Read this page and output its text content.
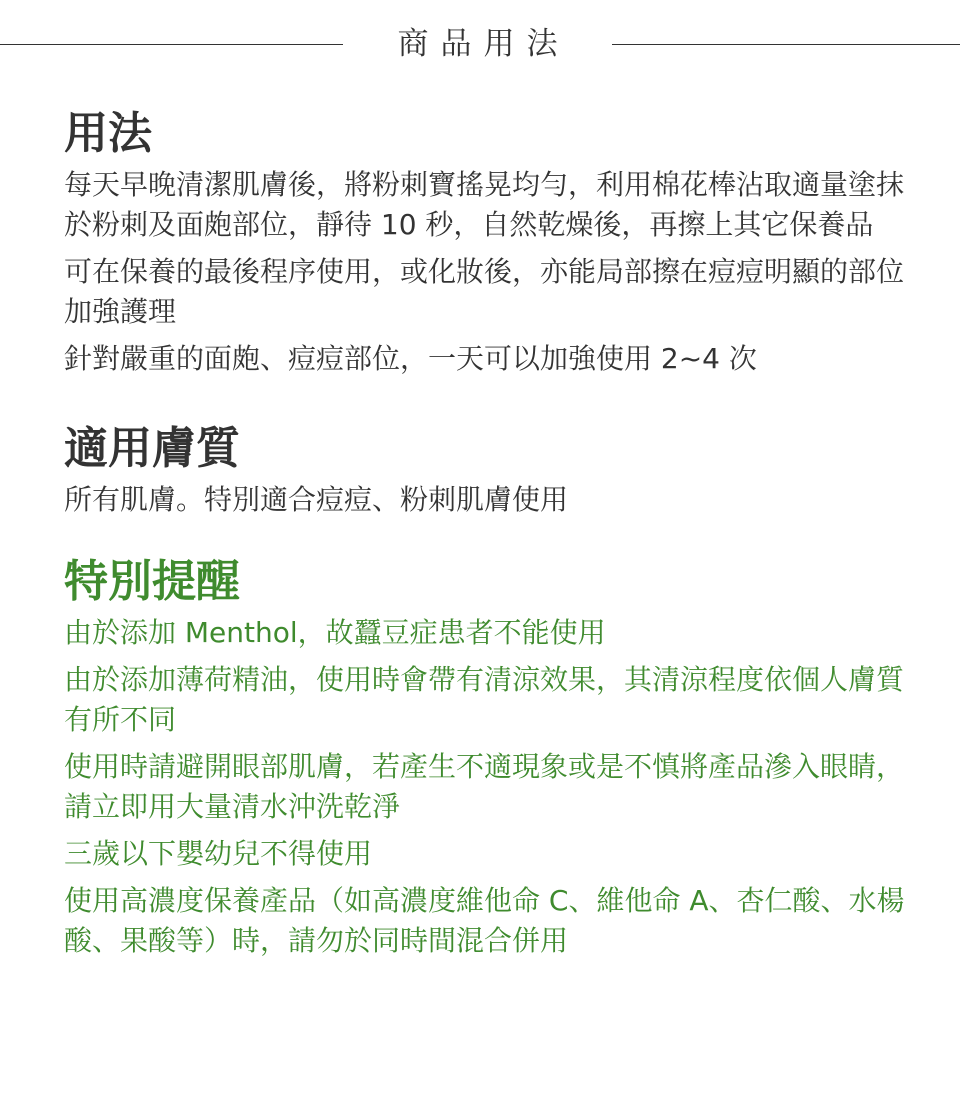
商品用法
用法

每天早晚清潔肌膚後，將粉刺寶搖晃均勻，利用棉花棒沾取適量塗抹於粉刺及面皰部位，靜待 10 秒，自然乾燥後，再擦上其它保養品

可在保養的最後程序使用，或化妝後，亦能局部擦在痘痘明顯的部位加強護理

針對嚴重的面皰、痘痘部位，一天可以加強使用 2~4 次

適用膚質

所有肌膚。特別適合痘痘、粉刺肌膚使用

特別提醒

由於添加 Menthol，故蠶豆症患者不能使用

由於添加薄荷精油，使用時會帶有清涼效果，其清涼程度依個人膚質有所不同

使用時請避開眼部肌膚，若產生不適現象或是不慎將產品滲入眼睛，請立即用大量清水沖洗乾淨

三歲以下嬰幼兒不得使用

使用高濃度保養產品（如高濃度維他命 C、維他命 A、杏仁酸、水楊酸、果酸等）時，請勿於同時間混合併用
